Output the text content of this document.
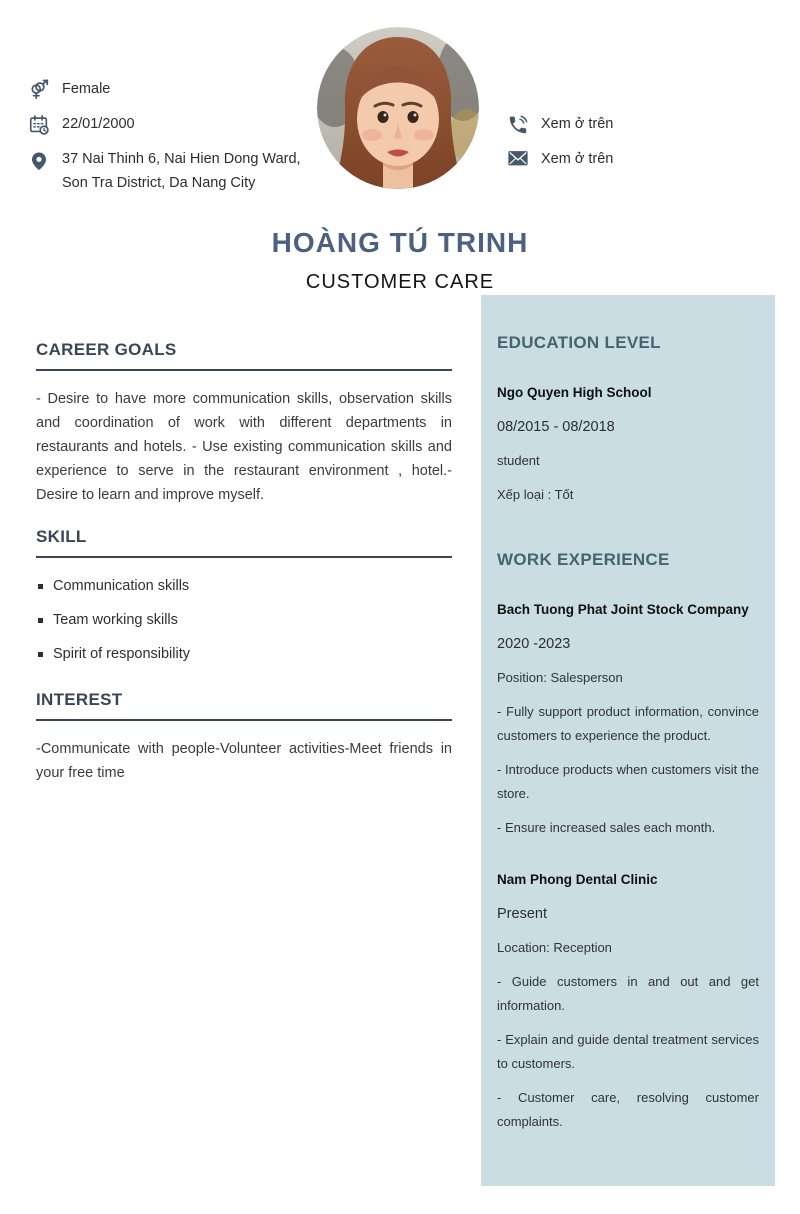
Female
22/01/2000
37 Nai Thinh 6, Nai Hien Dong Ward,
Son Tra District, Da Nang City
Xem ở trên
Xem ở trên
HOÀNG TÚ TRINH
CUSTOMER CARE
CAREER GOALS

- Desire to have more communication skills, observation skills and coordination of work with different departments in restaurants and hotels. - Use existing communication skills and experience to serve in the restaurant environment , hotel.- Desire to learn and improve myself.

SKILL
Communication skills
Team working skills
Spirit of responsibility
INTEREST

-Communicate with people-Volunteer activities-Meet friends in your free time

EDUCATION LEVEL

Ngo Quyen High School

08/2015 - 08/2018

student

Xếp loại : Tốt

WORK EXPERIENCE

Bach Tuong Phat Joint Stock Company

2020 -2023

Position: Salesperson

- Fully support product information, convince customers to experience the product.

- Introduce products when customers visit the store.

- Ensure increased sales each month.

Nam Phong Dental Clinic

Present

Location: Reception

- Guide customers in and out and get information.

- Explain and guide dental treatment services to customers.

- Customer care, resolving customer complaints.
